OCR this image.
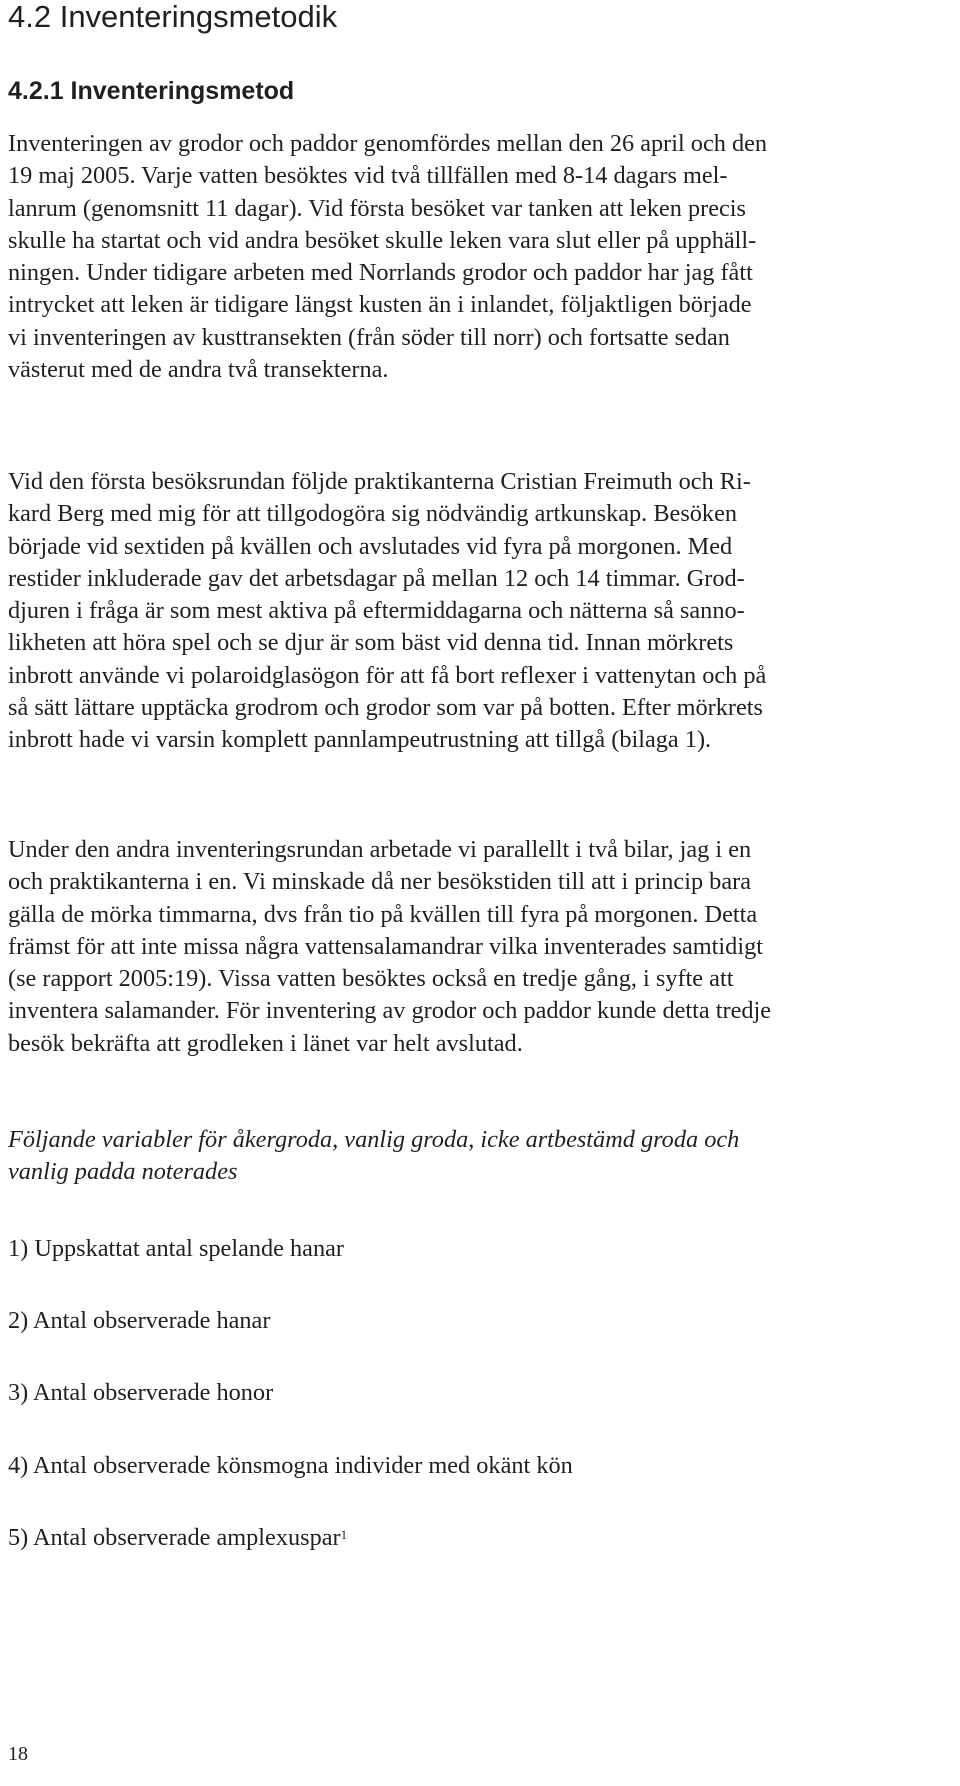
4.2 Inventeringsmetodik
4.2.1 Inventeringsmetod

Inventeringen av grodor och paddor genomfördes mellan den 26 april och den
19 maj 2005. Varje vatten besöktes vid två tillfällen med 8-14 dagars mel-
lanrum (genomsnitt 11 dagar). Vid första besöket var tanken att leken precis
skulle ha startat och vid andra besöket skulle leken vara slut eller på upphäll-
ningen. Under tidigare arbeten med Norrlands grodor och paddor har jag fått
intrycket att leken är tidigare längst kusten än i inlandet, följaktligen började
vi inventeringen av kusttransekten (från söder till norr) och fortsatte sedan
västerut med de andra två transekterna.

Vid den första besöksrundan följde praktikanterna Cristian Freimuth och Ri-
kard Berg med mig för att tillgodogöra sig nödvändig artkunskap. Besöken
började vid sextiden på kvällen och avslutades vid fyra på morgonen. Med
restider inkluderade gav det arbetsdagar på mellan 12 och 14 timmar. Grod-
djuren i fråga är som mest aktiva på eftermiddagarna och nätterna så sanno-
likheten att höra spel och se djur är som bäst vid denna tid. Innan mörkrets
inbrott använde vi polaroidglasögon för att få bort reflexer i vattenytan och på
så sätt lättare upptäcka grodrom och grodor som var på botten. Efter mörkrets
inbrott hade vi varsin komplett pannlampeutrustning att tillgå (bilaga 1).

Under den andra inventeringsrundan arbetade vi parallellt i två bilar, jag i en
och praktikanterna i en. Vi minskade då ner besökstiden till att i princip bara
gälla de mörka timmarna, dvs från tio på kvällen till fyra på morgonen. Detta
främst för att inte missa några vattensalamandrar vilka inventerades samtidigt
(se rapport 2005:19). Vissa vatten besöktes också en tredje gång, i syfte att
inventera salamander. För inventering av grodor och paddor kunde detta tredje
besök bekräfta att grodleken i länet var helt avslutad.

Följande variabler för åkergroda, vanlig groda, icke artbestämd groda och
vanlig padda noterades

1) Uppskattat antal spelande hanar

2) Antal observerade hanar

3) Antal observerade honor

4) Antal observerade könsmogna individer med okänt kön

5) Antal observerade amplexuspar$^1$

18
